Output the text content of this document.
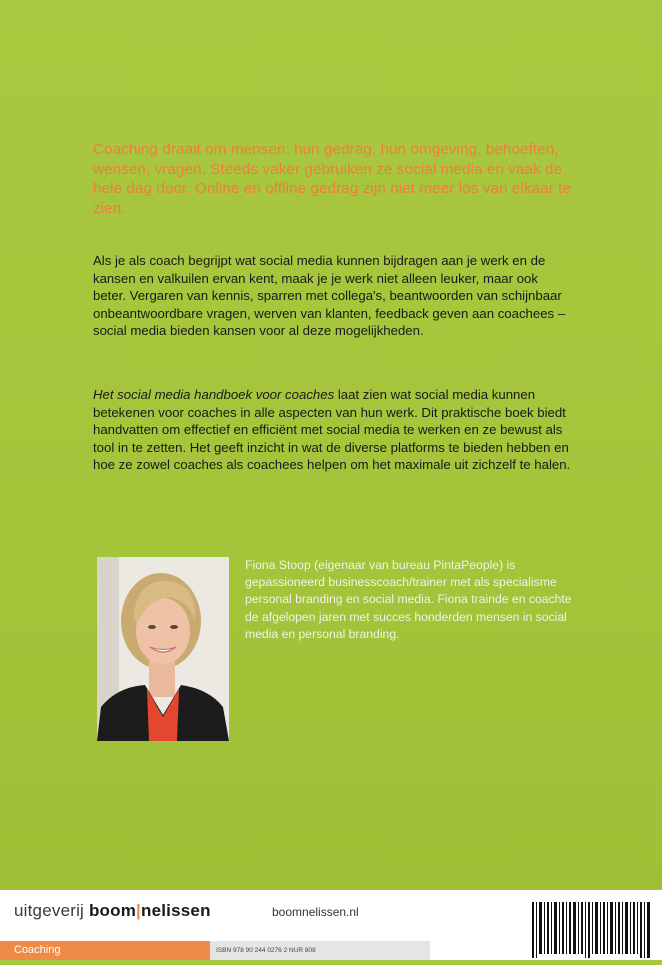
Coaching draait om mensen: hun gedrag, hun omgeving, behoeften, wensen, vragen. Steeds vaker gebruiken ze social media en vaak de hele dag door. Online en offline gedrag zijn niet meer los van elkaar te zien.

Als je als coach begrijpt wat social media kunnen bijdragen aan je werk en de kansen en valkuilen ervan kent, maak je je werk niet alleen leuker, maar ook beter. Vergaren van kennis, sparren met collega's, beantwoorden van schijnbaar onbeantwoordbare vragen, werven van klanten, feedback geven aan coachees – social media bieden kansen voor al deze mogelijkheden.

Het social media handboek voor coaches laat zien wat social media kunnen betekenen voor coaches in alle aspecten van hun werk. Dit praktische boek biedt handvatten om effectief en efficiënt met social media te werken en ze bewust als tool in te zetten. Het geeft inzicht in wat de diverse platforms te bieden hebben en hoe ze zowel coaches als coachees helpen om het maximale uit zichzelf te halen.

Fiona Stoop (eigenaar van bureau PintaPeople) is gepassioneerd businesscoach/trainer met als specialisme personal branding en social media. Fiona trainde en coachte de afgelopen jaren met succes honderden mensen in social media en personal branding.

uitgeverij boom|nelissen	boomnelissen.nl
Coaching	ISBN 978 90 244 0276 2 NUR 808
